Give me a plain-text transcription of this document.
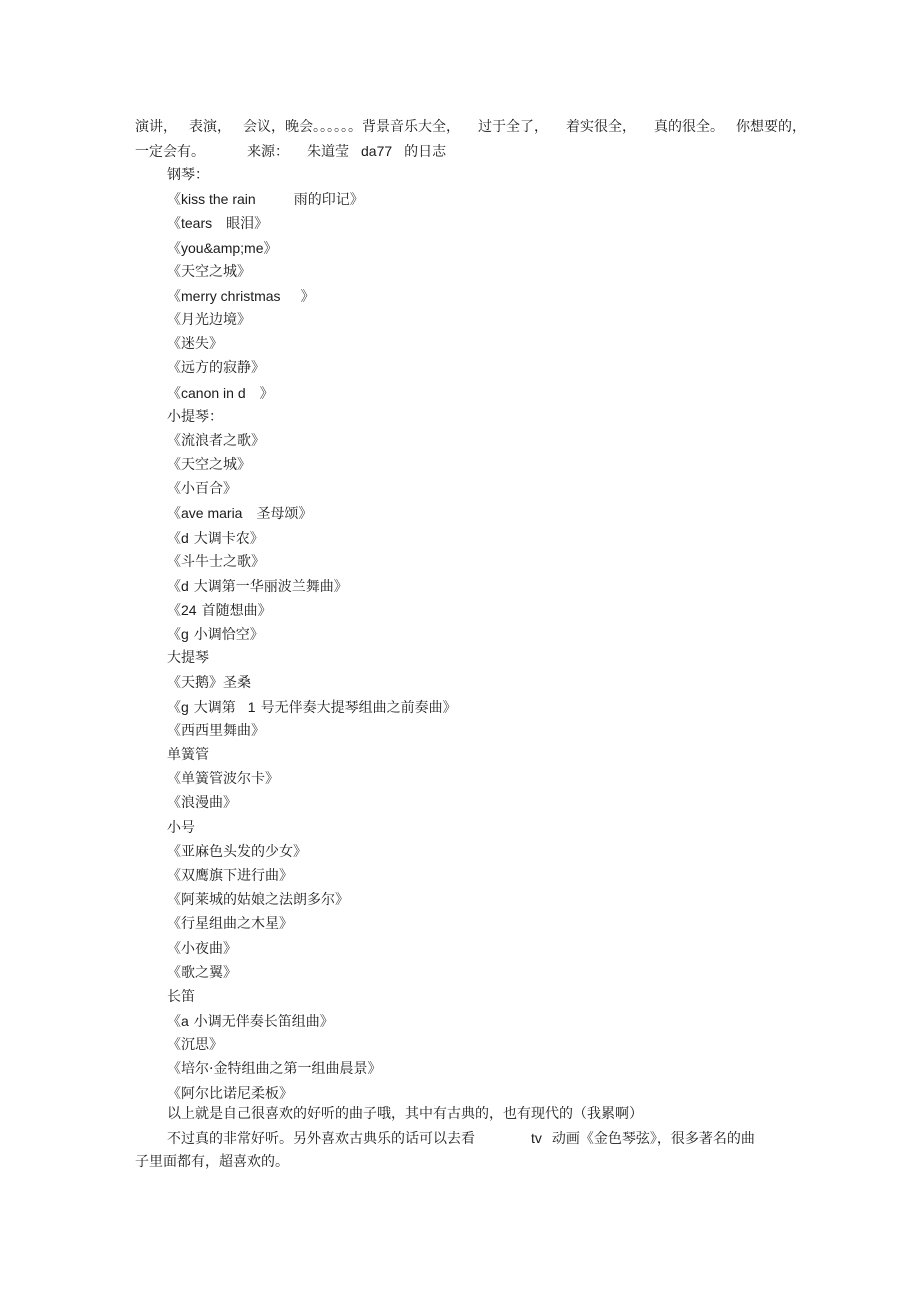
演讲， 表演， 会议，晚会。。。。。。背景音乐大全， 过于全了， 着实很全， 真的很全。 你想要的，
一定会有。	来源： 朱道莹 da77 的日志
钢琴：
《kiss the rain	雨的印记》
《tears 眼泪》
《you&amp;me》
《天空之城》
《merry christmas 》
《月光边境》
《迷失》
《远方的寂静》
《canon in d 》
小提琴：
《流浪者之歌》
《天空之城》
《小百合》
《ave maria 圣母颂》
《d 大调卡农》
《斗牛士之歌》
《d 大调第一华丽波兰舞曲》
《24 首随想曲》
《g 小调恰空》
大提琴
《天鹅》圣桑
《g 大调第 1 号无伴奏大提琴组曲之前奏曲》
《西西里舞曲》
单簧管
《单簧管波尔卡》
《浪漫曲》
小号
《亚麻色头发的少女》
《双鹰旗下进行曲》
《阿莱城的姑娘之法朗多尔》
《行星组曲之木星》
《小夜曲》
《歌之翼》
长笛
《a 小调无伴奏长笛组曲》
《沉思》
《培尔·金特组曲之第一组曲晨景》
《阿尔比诺尼柔板》
以上就是自己很喜欢的好听的曲子哦，其中有古典的，也有现代的（我累啊）
不过真的非常好听。另外喜欢古典乐的话可以去看	tv 动画《金色琴弦》，很多著名的曲
子里面都有，超喜欢的。
